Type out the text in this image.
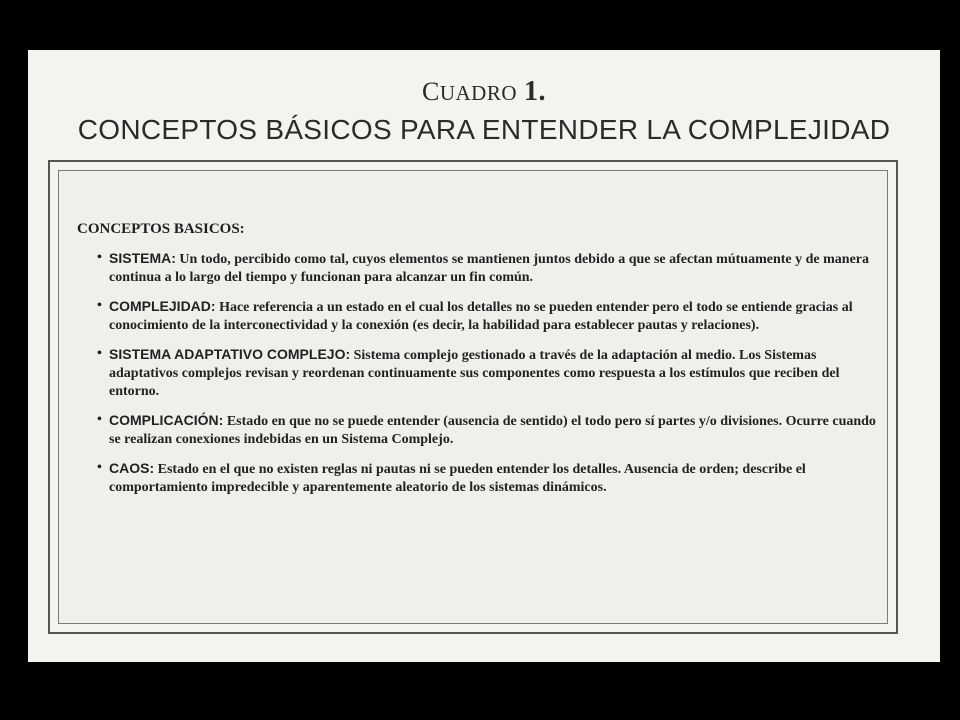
CUADRO 1.
CONCEPTOS BÁSICOS PARA ENTENDER LA COMPLEJIDAD
CONCEPTOS BASICOS:
• SISTEMA: Un todo, percibido como tal, cuyos elementos se mantienen juntos debido a que se afectan mútuamente y de manera continua a lo largo del tiempo y funcionan para alcanzar un fin común.
• COMPLEJIDAD: Hace referencia a un estado en el cual los detalles no se pueden entender pero el todo se entiende gracias al conocimiento de la interconectividad y la conexión (es decir, la habilidad para establecer pautas y relaciones).
• SISTEMA ADAPTATIVO COMPLEJO: Sistema complejo gestionado a través de la adaptación al medio. Los Sistemas adaptativos complejos revisan y reordenan continuamente sus componentes como respuesta a los estímulos que reciben del entorno.
• COMPLICACIÓN: Estado en que no se puede entender (ausencia de sentido) el todo pero sí partes y/o divisiones. Ocurre cuando se realizan conexiones indebidas en un Sistema Complejo.
• CAOS: Estado en el que no existen reglas ni pautas ni se pueden entender los detalles. Ausencia de orden; describe el comportamiento impredecible y aparentemente aleatorio de los sistemas dinámicos.
